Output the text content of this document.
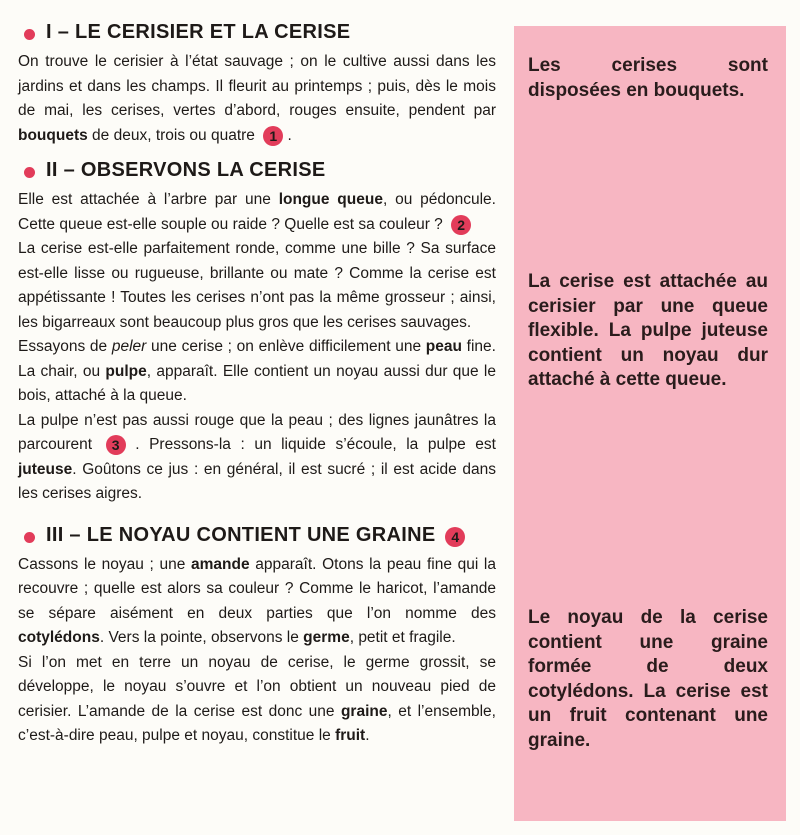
I – LE CERISIER ET LA CERISE

On trouve le cerisier à l’état sauvage ; on le cultive aussi dans les jardins et dans les champs. Il fleurit au printemps ; puis, dès le mois de mai, les cerises, vertes d’abord, rouges ensuite, pendent par bouquets de deux, trois ou quatre 1 .

II – OBSERVONS LA CERISE

Elle est attachée à l’arbre par une longue queue, ou pédoncule. Cette queue est-elle souple ou raide ? Quelle est sa couleur ? 2
La cerise est-elle parfaitement ronde, comme une bille ? Sa surface est-elle lisse ou rugueuse, brillante ou mate ? Comme la cerise est appétissante ! Toutes les cerises n’ont pas la même grosseur ; ainsi, les bigarreaux sont beaucoup plus gros que les cerises sauvages.
Essayons de peler une cerise ; on enlève difficilement une peau fine. La chair, ou pulpe, apparaît. Elle contient un noyau aussi dur que le bois, attaché à la queue.
La pulpe n’est pas aussi rouge que la peau ; des lignes jaunâtres la parcourent 3 . Pressons-la : un liquide s’écoule, la pulpe est juteuse. Goûtons ce jus : en général, il est sucré ; il est acide dans les cerises aigres.

III – LE NOYAU CONTIENT UNE GRAINE 4

Cassons le noyau ; une amande apparaît. Otons la peau fine qui la recouvre ; quelle est alors sa couleur ? Comme le haricot, l’amande se sépare aisément en deux parties que l’on nomme des cotylédons. Vers la pointe, observons le germe, petit et fragile.
Si l’on met en terre un noyau de cerise, le germe grossit, se développe, le noyau s’ouvre et l’on obtient un nouveau pied de cerisier. L’amande de la cerise est donc une graine, et l’ensemble, c’est-à-dire peau, pulpe et noyau, constitue le fruit.

Les cerises sont disposées en bouquets.

La cerise est attachée au cerisier par une queue flexible. La pulpe juteuse contient un noyau dur attaché à cette queue.

Le noyau de la cerise contient une graine formée de deux cotylédons. La cerise est un fruit contenant une graine.
